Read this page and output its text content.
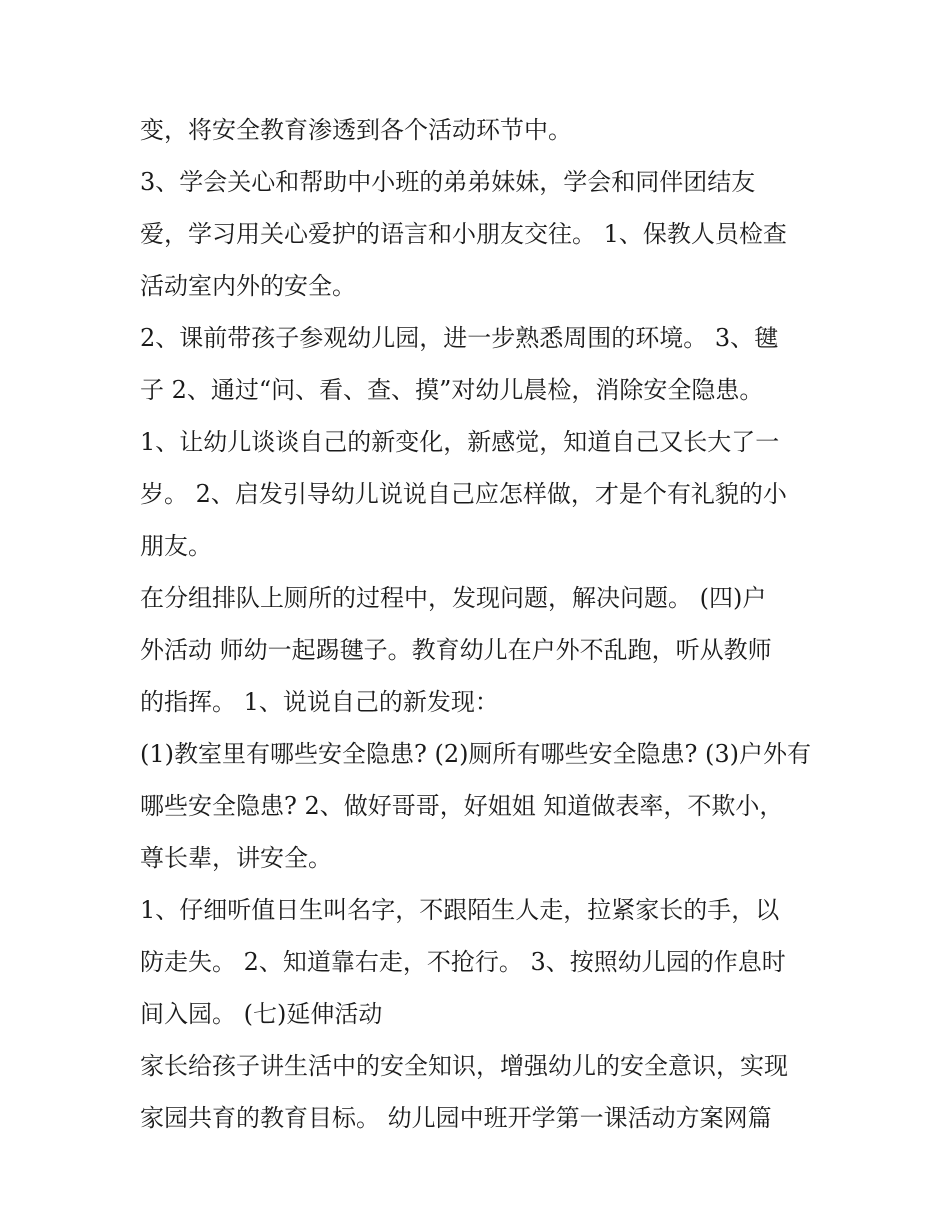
变，将安全教育渗透到各个活动环节中。
3、学会关心和帮助中小班的弟弟妹妹，学会和同伴团结友
爱，学习用关心爱护的语言和小朋友交往。 1、保教人员检查
活动室内外的安全。
2、课前带孩子参观幼儿园，进一步熟悉周围的环境。 3、毽
子 2、通过“问、看、查、摸”对幼儿晨检，消除安全隐患。
1、让幼儿谈谈自己的新变化，新感觉，知道自己又长大了一
岁。 2、启发引导幼儿说说自己应怎样做，才是个有礼貌的小
朋友。
在分组排队上厕所的过程中，发现问题，解决问题。 (四)户
外活动 师幼一起踢毽子。教育幼儿在户外不乱跑，听从教师
的指挥。 1、说说自己的新发现：
(1)教室里有哪些安全隐患? (2)厕所有哪些安全隐患? (3)户外有
哪些安全隐患? 2、做好哥哥，好姐姐 知道做表率，不欺小，
尊长辈，讲安全。
1、仔细听值日生叫名字，不跟陌生人走，拉紧家长的手，以
防走失。 2、知道靠右走，不抢行。 3、按照幼儿园的作息时
间入园。 (七)延伸活动
家长给孩子讲生活中的安全知识，增强幼儿的安全意识，实现
家园共育的教育目标。 幼儿园中班开学第一课活动方案网篇
